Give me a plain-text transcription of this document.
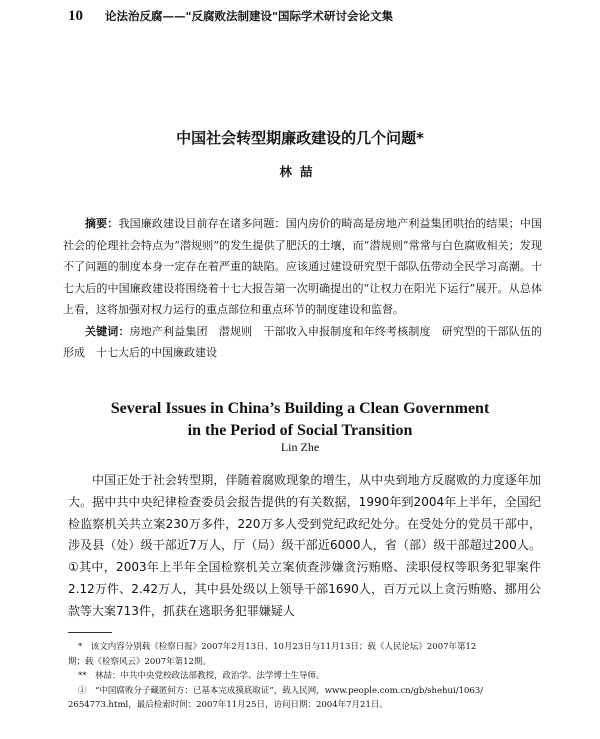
10 论法治反腐——"反腐败法制建设"国际学术研讨会论文集
中国社会转型期廉政建设的几个问题*
林喆

摘要：我国廉政建设目前存在诸多问题：国内房价的畸高是房地产利益集团哄抬的结果；中国社会的伦理社会特点为“潜规则”的发生提供了肥沃的土壤，而“潜规则”常常与白色腐败相关；发现不了问题的制度本身一定存在着严重的缺陷。应该通过建设研究型干部队伍带动全民学习高潮。十七大后的中国廉政建设将围绕着十七大报告第一次明确提出的“让权力在阳光下运行”展开。从总体上看，这将加强对权力运行的重点部位和重点环节的制度建设和监督。

关键词：房地产利益集团　潜规则　干部收入申报制度和年终考核制度　研究型的干部队伍的形成　十七大后的中国廉政建设

Several Issues in China’s Building a Clean Government
in the Period of Social Transition
Lin Zhe

中国正处于社会转型期，伴随着腐败现象的增生，从中央到地方反腐败的力度逐年加大。据中共中央纪律检查委员会报告提供的有关数据，1990年到2004年上半年，全国纪检监察机关共立案230万多件，220万多人受到党纪政纪处分。在受处分的党员干部中，涉及县（处）级干部近7万人，厅（局）级干部近6000人，省（部）级干部超过200人。①其中，2003年上半年全国检察机关立案侦查涉嫌贪污贿赂、渎职侵权等职务犯罪案件2.12万件、2.42万人，其中县处级以上领导干部1690人，百万元以上贪污贿赂、挪用公款等大案713件，抓获在逃职务犯罪嫌疑人

*　该文内容分别载《检察日报》2007年2月13日、10月23日与11月13日；载《人民论坛》2007年第12

期；载《检察风云》2007年第12期。

**　林喆：中共中央党校政法部教授，政治学、法学博士生导师。

①　“中国腐败分子藏匿何方：已基本完成摸底取证”，载人民网，www.people.com.cn/gb/shehui/1063/

2654773.html，最后检索时间：2007年11月25日，访问日期：2004年7月21日。
